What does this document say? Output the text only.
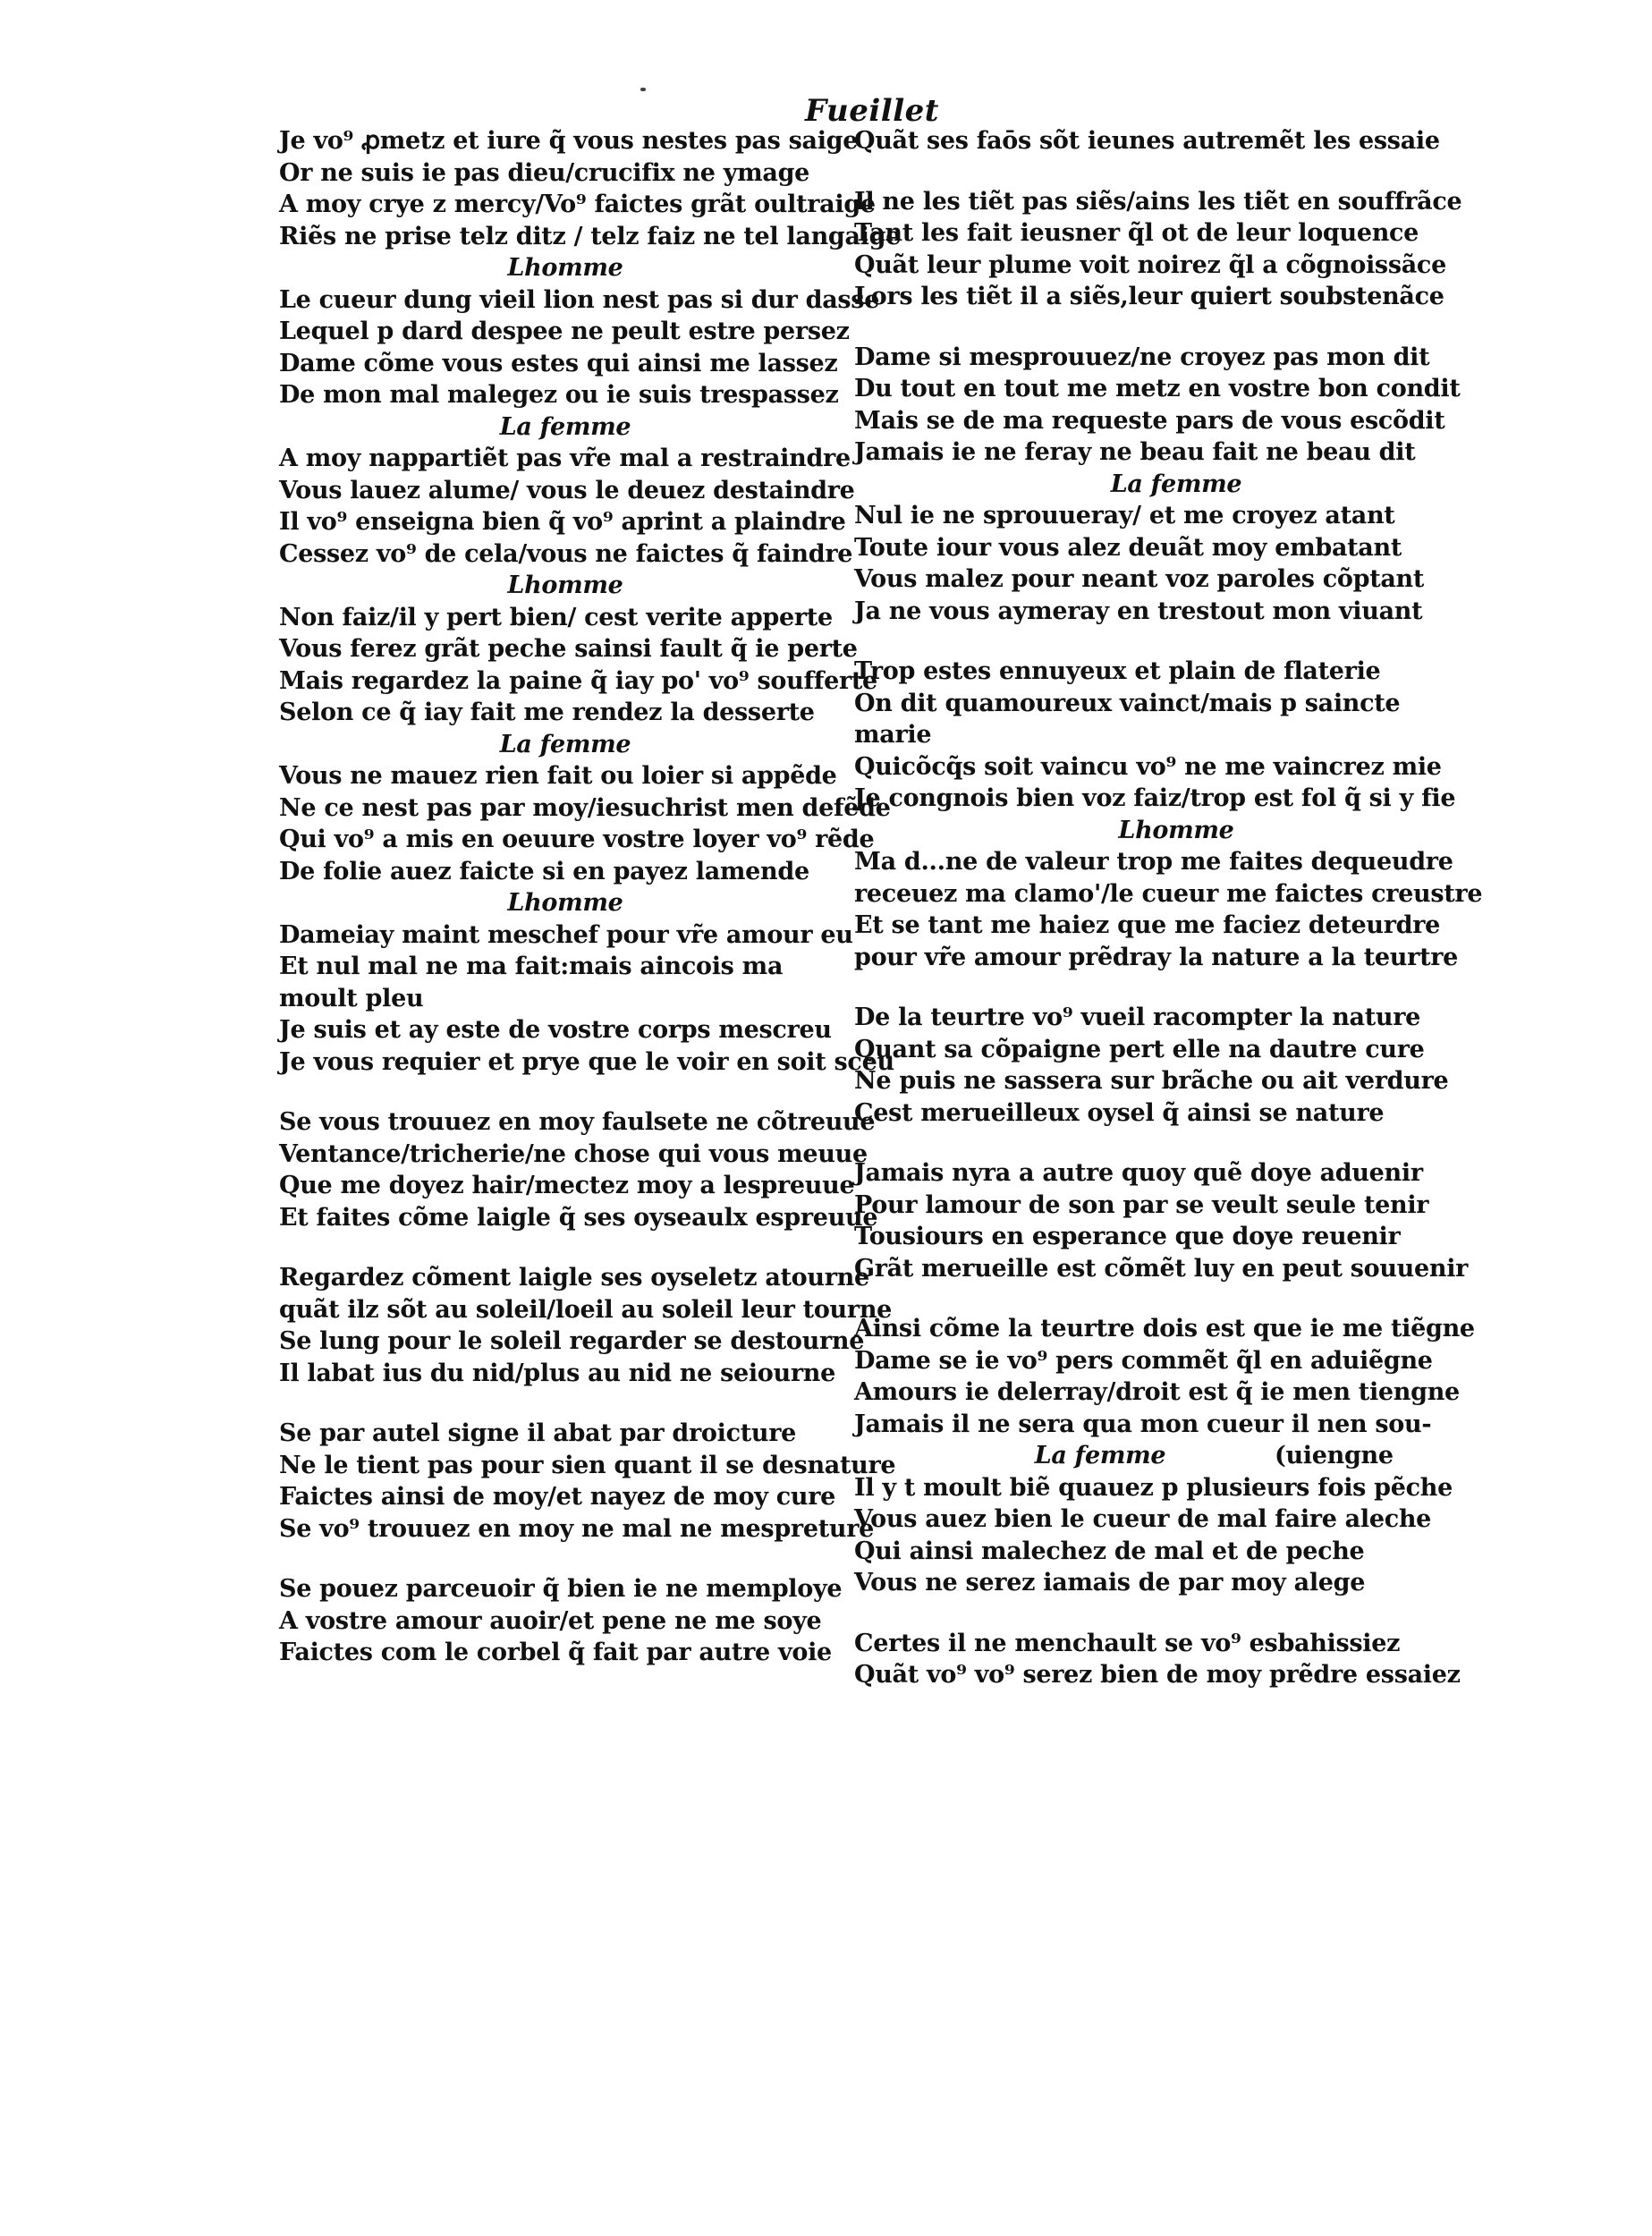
Fueillet
Je vo⁹ ꝓmetz et iure q̃ vous nestes pas saige
Or ne suis ie pas dieu/crucifix ne ymage
A moy crye z mercy/Vo⁹ faictes grãt oultraige
Riẽs ne prise telz ditz / telz faiz ne tel langaige
Lhomme
Le cueur dung vieil lion nest pas si dur dasse
Lequel p dard despee ne peult estre persez
Dame cõme vous estes qui ainsi me lassez
De mon mal malegez ou ie suis trespassez
La femme
A moy nappartiẽt pas vr̃e mal a restraindre
Vous lauez alume/ vous le deuez destaindre
Il vo⁹ enseigna bien q̃ vo⁹ aprint a plaindre
Cessez vo⁹ de cela/vous ne faictes q̃ faindre
Lhomme
Non faiz/il y pert bien/ cest verite apperte
Vous ferez grãt peche sainsi fault q̃ ie perte
Mais regardez la paine q̃ iay po' vo⁹ soufferte
Selon ce q̃ iay fait me rendez la desserte
La femme
Vous ne mauez rien fait ou loier si appẽde
Ne ce nest pas par moy/iesuchrist men defẽde
Qui vo⁹ a mis en oeuure vostre loyer vo⁹ rẽde
De folie auez faicte si en payez lamende
Lhomme
Dameiay maint meschef pour vr̃e amour eu
Et nul mal ne ma fait:mais aincois ma
moult pleu
Je suis et ay este de vostre corps mescreu
Je vous requier et prye que le voir en soit sceu
Se vous trouuez en moy faulsete ne cõtreuue
Ventance/tricherie/ne chose qui vous meuue
Que me doyez hair/mectez moy a lespreuue
Et faites cõme laigle q̃ ses oyseaulx espreuue
Regardez cõment laigle ses oyseletz atourne
quãt ilz sõt au soleil/loeil au soleil leur tourne
Se lung pour le soleil regarder se destourne
Il labat ius du nid/plus au nid ne seiourne
Se par autel signe il abat par droicture
Ne le tient pas pour sien quant il se desnature
Faictes ainsi de moy/et nayez de moy cure
Se vo⁹ trouuez en moy ne mal ne mespreture
Se pouez parceuoir q̃ bien ie ne memploye
A vostre amour auoir/et pene ne me soye
Faictes com le corbel q̃ fait par autre voie
Quãt ses faōs sõt ieunes autremẽt les essaie
Il ne les tiẽt pas siẽs/ains les tiẽt en souffrãce
Tant les fait ieusner q̃l ot de leur loquence
Quãt leur plume voit noirez q̃l a cõgnoissãce
Lors les tiẽt il a siẽs,leur quiert soubstenãce
Dame si mesprouuez/ne croyez pas mon dit
Du tout en tout me metz en vostre bon condit
Mais se de ma requeste pars de vous escõdit
Jamais ie ne feray ne beau fait ne beau dit
La femme
Nul ie ne sprouueray/ et me croyez atant
Toute iour vous alez deuãt moy embatant
Vous malez pour neant voz paroles cõptant
Ja ne vous aymeray en trestout mon viuant
Trop estes ennuyeux et plain de flaterie
On dit quamoureux vainct/mais p saincte
marie
Quicõcq̃s soit vaincu vo⁹ ne me vaincrez mie
Je congnois bien voz faiz/trop est fol q̃ si y fie
Lhomme
Ma d...ne de valeur trop me faites dequeudre
receuez ma clamo'/le cueur me faictes creustre
Et se tant me haiez que me faciez deteurdre
pour vr̃e amour prẽdray la nature a la teurtre
De la teurtre vo⁹ vueil racompter la nature
Quant sa cõpaigne pert elle na dautre cure
Ne puis ne sassera sur brãche ou ait verdure
Cest merueilleux oysel q̃ ainsi se nature
Jamais nyra a autre quoy quẽ doye aduenir
Pour lamour de son par se veult seule tenir
Tousiours en esperance que doye reuenir
Grãt merueille est cõmẽt luy en peut souuenir
Ainsi cõme la teurtre dois est que ie me tiẽgne
Dame se ie vo⁹ pers commẽt q̃l en aduiẽgne
Amours ie delerray/droit est q̃ ie men tiengne
Jamais il ne sera qua mon cueur il nen sou-
La femme	(uiengne
Il y t moult biẽ quauez p plusieurs fois pẽche
Vous auez bien le cueur de mal faire aleche
Qui ainsi malechez de mal et de peche
Vous ne serez iamais de par moy alege
Certes il ne menchault se vo⁹ esbahissiez
Quãt vo⁹ vo⁹ serez bien de moy prẽdre essaiez
